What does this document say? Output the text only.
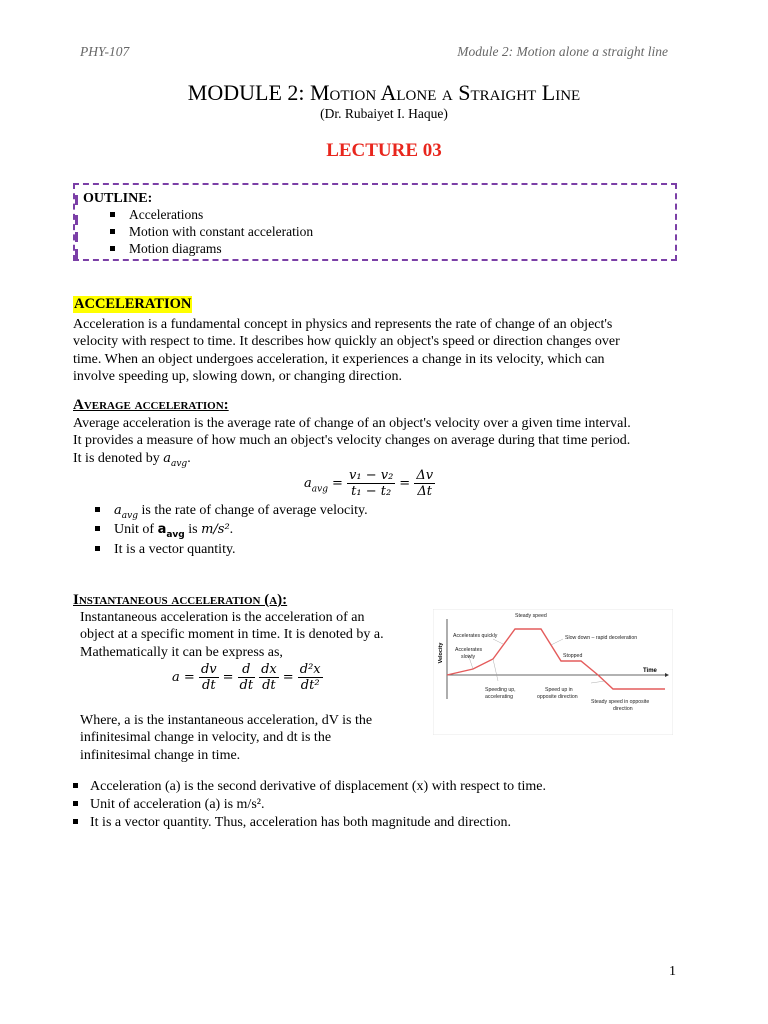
PHY-107	Module 2: Motion alone a straight line
MODULE 2: Motion Alone a Straight Line
(Dr. Rubaiyet I. Haque)
LECTURE 03
OUTLINE:
Accelerations
Motion with constant acceleration
Motion diagrams
ACCELERATION
Acceleration is a fundamental concept in physics and represents the rate of change of an object's
velocity with respect to time. It describes how quickly an object's speed or direction changes over
time. When an object undergoes acceleration, it experiences a change in its velocity, which can
involve speeding up, slowing down, or changing direction.
Average acceleration:
Average acceleration is the average rate of change of an object's velocity over a given time interval.
It provides a measure of how much an object's velocity changes on average during that time period.
It is denoted by $a_{avg}$.
$a_{avg} = \frac{\text{v₁ − v₂}}{\text{t₁ − t₂}} = \frac{\Delta v}{\Delta t}$
$a_{avg}$ is the rate of change of average velocity.
Unit of $a_{avg}$ is m/s².
It is a vector quantity.
Instantaneous acceleration (a):
Instantaneous acceleration is the acceleration of an
object at a specific moment in time. It is denoted by a.
Mathematically it can be express as,
$a = \frac{dv}{dt} = \frac{d}{dt}$
$\frac{dx}{dt} = \frac{\text{d²x}}{\text{dt²}}$
Where, a is the instantaneous acceleration, dV is the
infinitesimal change in velocity, and dt is the
infinitesimal change in time.
Velocity
Time
Steady speed
Accelerates quickly	Slow down – rapid deceleration
Accelerates
slowly	Stopped
Speeding up,
accelerating
Speed up in
opposite direction
Steady speed in opposite
direction
Acceleration (a) is the second derivative of displacement (x) with respect to time.
Unit of acceleration (a) is m/s².
It is a vector quantity. Thus, acceleration has both magnitude and direction.
1
